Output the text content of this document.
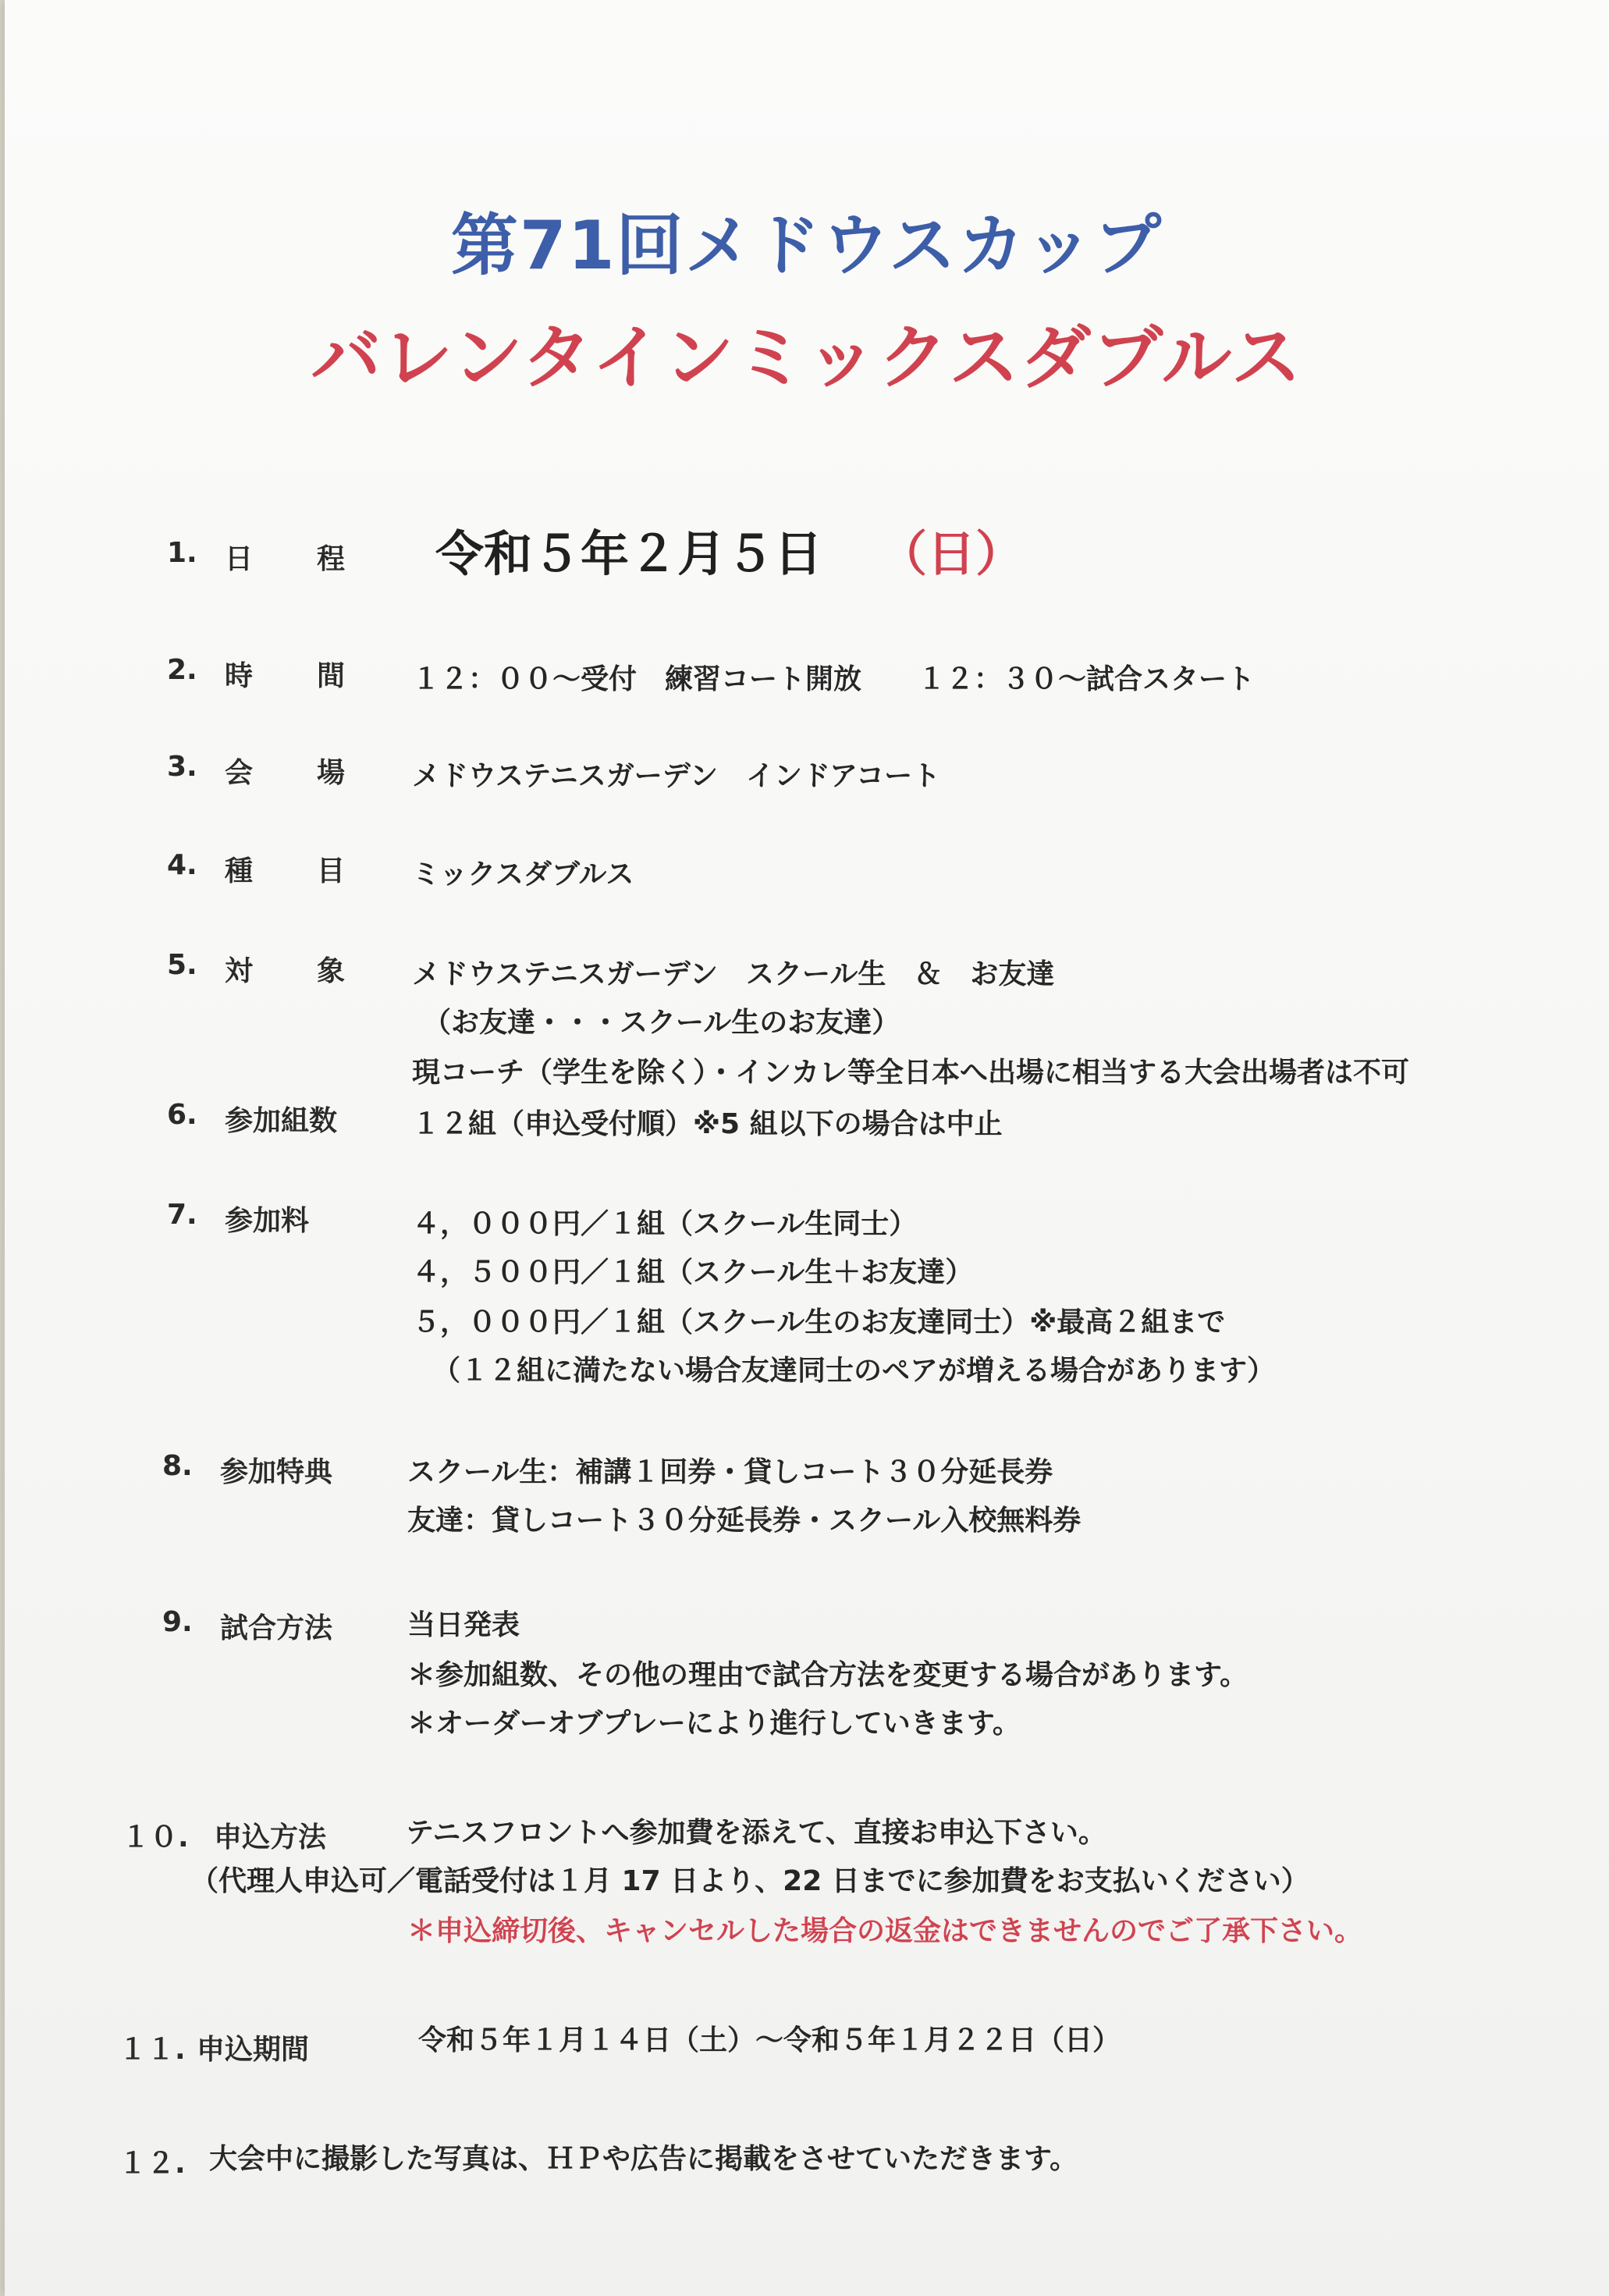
第71回メドウスカップ
バレンタインミックスダブルス
1. 日 程 令和５年２月５日 （日）
2. 時 間 １２：００～受付　練習コート開放　　１２：３０～試合スタート
3. 会 場 メドウステニスガーデン　インドアコート
4. 種 目 ミックスダブルス
5. 対 象 メドウステニスガーデン　スクール生　＆　お友達
（お友達・・・スクール生のお友達）
現コーチ（学生を除く）・インカレ等全日本へ出場に相当する大会出場者は不可
6. 参加組数	１２組（申込受付順）※5 組以下の場合は中止
7. 参加料	４，０００円／１組（スクール生同士）
４，５００円／１組（スクール生＋お友達）
５，０００円／１組（スクール生のお友達同士）※最高２組まで
（１２組に満たない場合友達同士のペアが増える場合があります）
8. 参加特典	スクール生：補講１回券・貸しコート３０分延長券
友達：貸しコート３０分延長券・スクール入校無料券
9. 試合方法	当日発表
＊参加組数、その他の理由で試合方法を変更する場合があります。
＊オーダーオブプレーにより進行していきます。
１０. 申込方法	テニスフロントへ参加費を添えて、直接お申込下さい。
（代理人申込可／電話受付は１月 17 日より、22 日までに参加費をお支払いください）
＊申込締切後、キャンセルした場合の返金はできませんのでご了承下さい。
１１. 申込期間	令和５年１月１４日（土）～令和５年１月２２日（日）
１２. 大会中に撮影した写真は、ＨＰや広告に掲載をさせていただきます。
